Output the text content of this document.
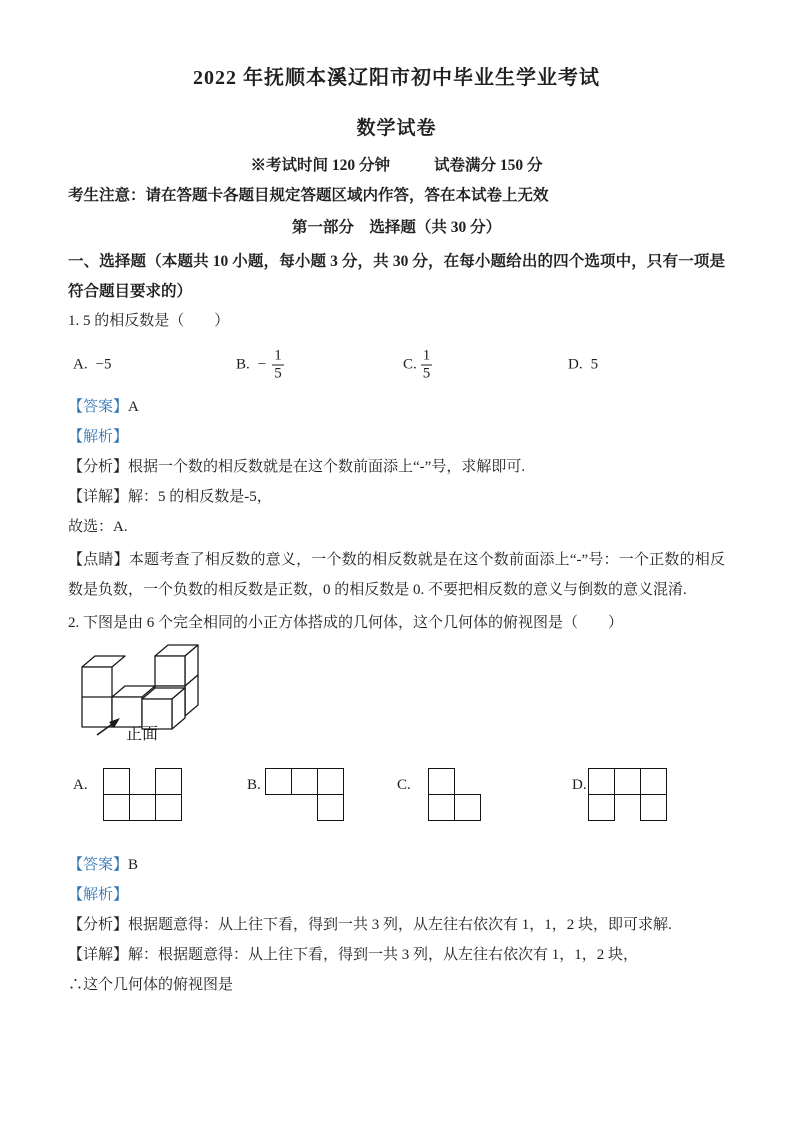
2022 年抚顺本溪辽阳市初中毕业生学业考试
数学试卷

※考试时间 120 分钟	试卷满分 150 分

考生注意：请在答题卡各题目规定答题区域内作答，答在本试卷上无效

第一部分　选择题（共 30 分）

一、选择题（本题共 10 小题，每小题 3 分，共 30 分，在每小题给出的四个选项中，只有一项是符合题目要求的）

1. 5 的相反数是（　　）

A. −5	B. − $\frac{1}{5}$	C. $\frac{1}{5}$	D. 5

【答案】A

【解析】

【分析】根据一个数的相反数就是在这个数前面添上“-”号，求解即可.

【详解】解：5 的相反数是-5，

故选：A.

【点睛】本题考查了相反数的意义，一个数的相反数就是在这个数前面添上“-”号：一个正数的相反数是负数，一个负数的相反数是正数，0 的相反数是 0. 不要把相反数的意义与倒数的意义混淆.

2. 下图是由 6 个完全相同的小正方体搭成的几何体，这个几何体的俯视图是（　　）

正面
A.	B.	C.	D.

【答案】B

【解析】

【分析】根据题意得：从上往下看，得到一共 3 列，从左往右依次有 1，1，2 块，即可求解.

【详解】解：根据题意得：从上往下看，得到一共 3 列，从左往右依次有 1，1，2 块，

∴这个几何体的俯视图是
